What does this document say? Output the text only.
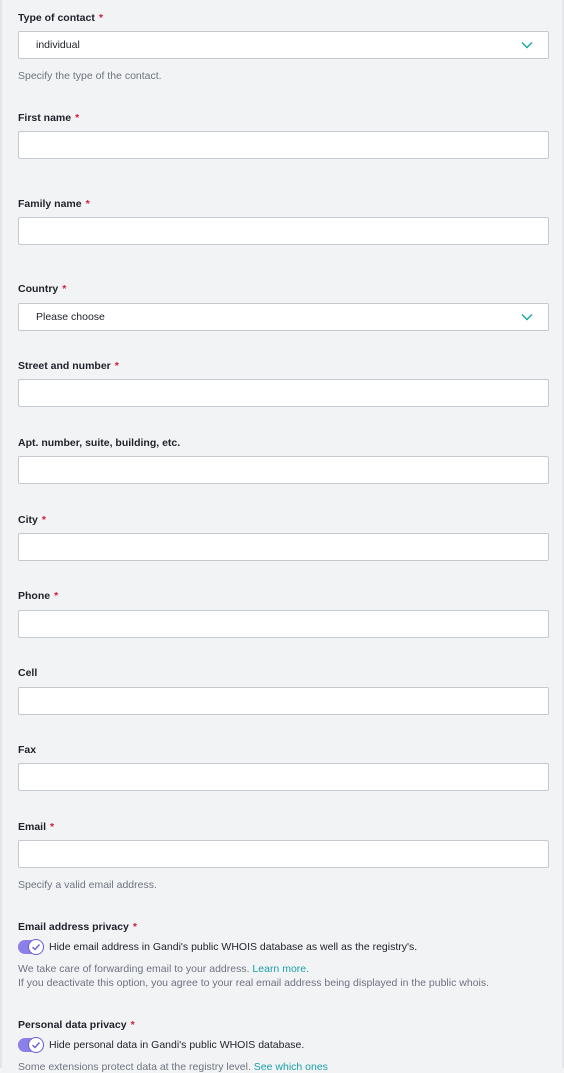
Type of contact *
individual
Specify the type of the contact.
First name *
Family name *
Country *
Please choose
Street and number *
Apt. number, suite, building, etc.
City *
Phone *
Cell
Fax
Email *
Specify a valid email address.
Email address privacy *
Hide email address in Gandi's public WHOIS database as well as the registry's.
We take care of forwarding email to your address. Learn more.
If you deactivate this option, you agree to your real email address being displayed in the public whois.
Personal data privacy *
Hide personal data in Gandi's public WHOIS database.
Some extensions protect data at the registry level. See which ones
